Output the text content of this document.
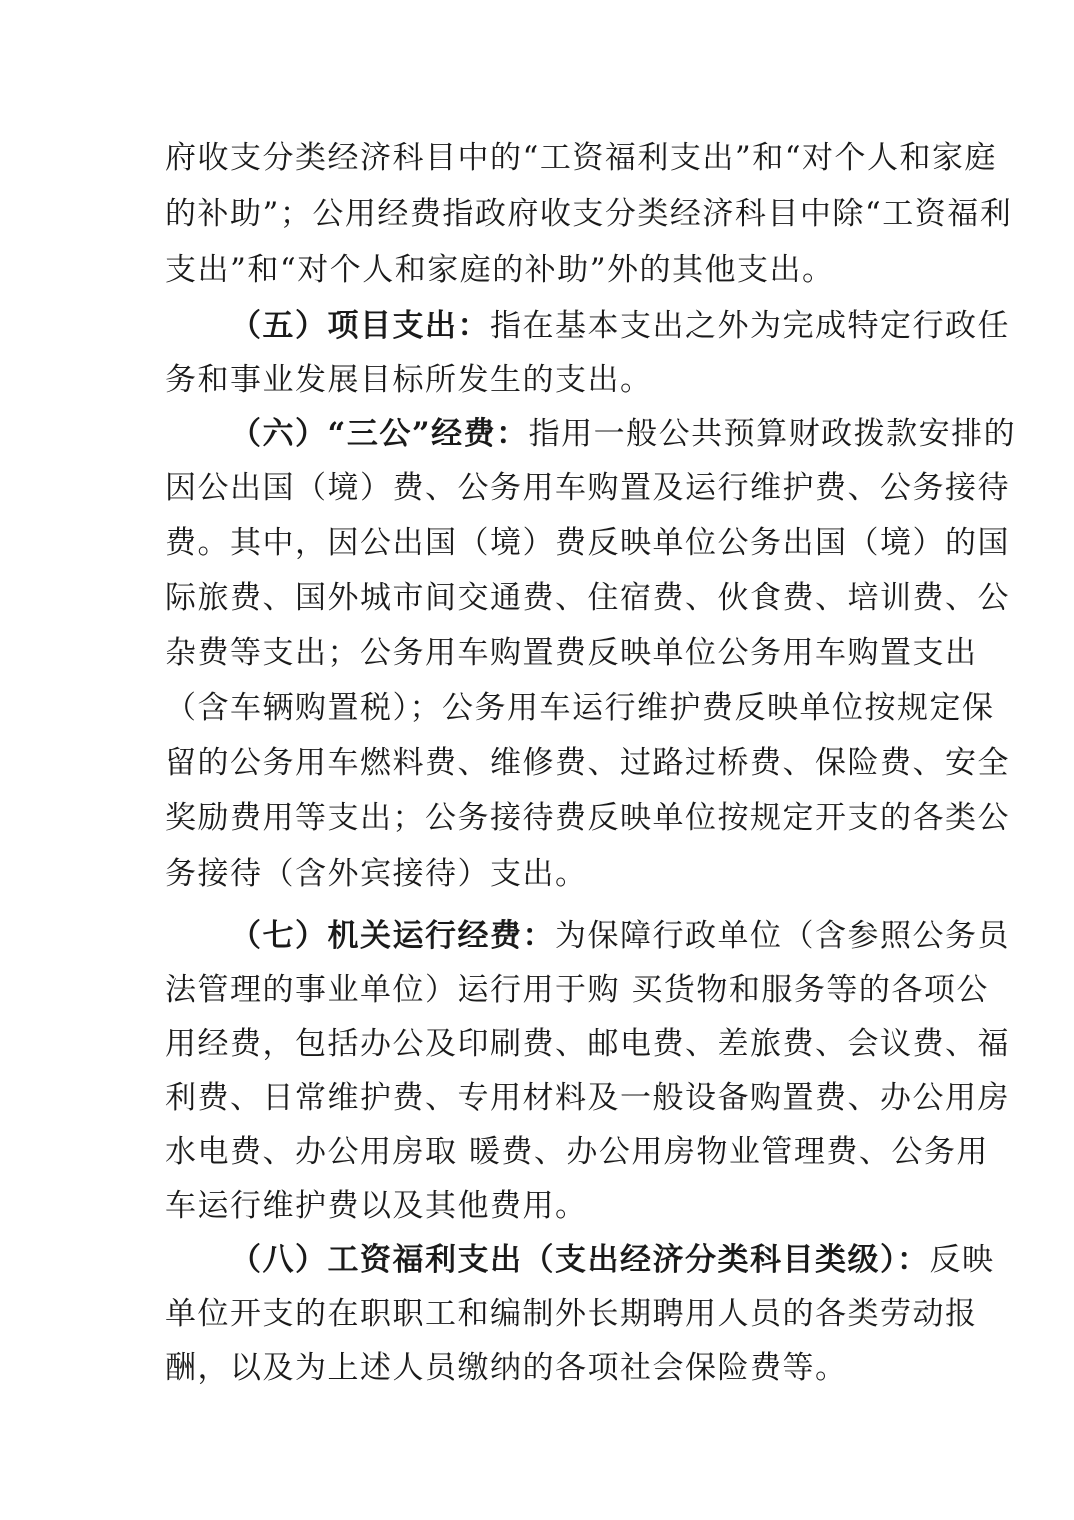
府收支分类经济科目中的“工资福利支出”和“对个人和家庭
的补助”；公用经费指政府收支分类经济科目中除“工资福利
支出”和“对个人和家庭的补助”外的其他支出。
（五）项目支出：指在基本支出之外为完成特定行政任
务和事业发展目标所发生的支出。
（六）“三公”经费：指用一般公共预算财政拨款安排的
因公出国（境）费、公务用车购置及运行维护费、公务接待
费。其中，因公出国（境）费反映单位公务出国（境）的国
际旅费、国外城市间交通费、住宿费、伙食费、培训费、公
杂费等支出；公务用车购置费反映单位公务用车购置支出
（含车辆购置税）；公务用车运行维护费反映单位按规定保
留的公务用车燃料费、维修费、过路过桥费、保险费、安全
奖励费用等支出；公务接待费反映单位按规定开支的各类公
务接待（含外宾接待）支出。
（七）机关运行经费：为保障行政单位（含参照公务员
法管理的事业单位）运行用于购 买货物和服务等的各项公
用经费，包括办公及印刷费、邮电费、差旅费、会议费、福
利费、日常维护费、专用材料及一般设备购置费、办公用房
水电费、办公用房取 暖费、办公用房物业管理费、公务用
车运行维护费以及其他费用。
（八）工资福利支出（支出经济分类科目类级）：反映
单位开支的在职职工和编制外长期聘用人员的各类劳动报
酬，以及为上述人员缴纳的各项社会保险费等。
